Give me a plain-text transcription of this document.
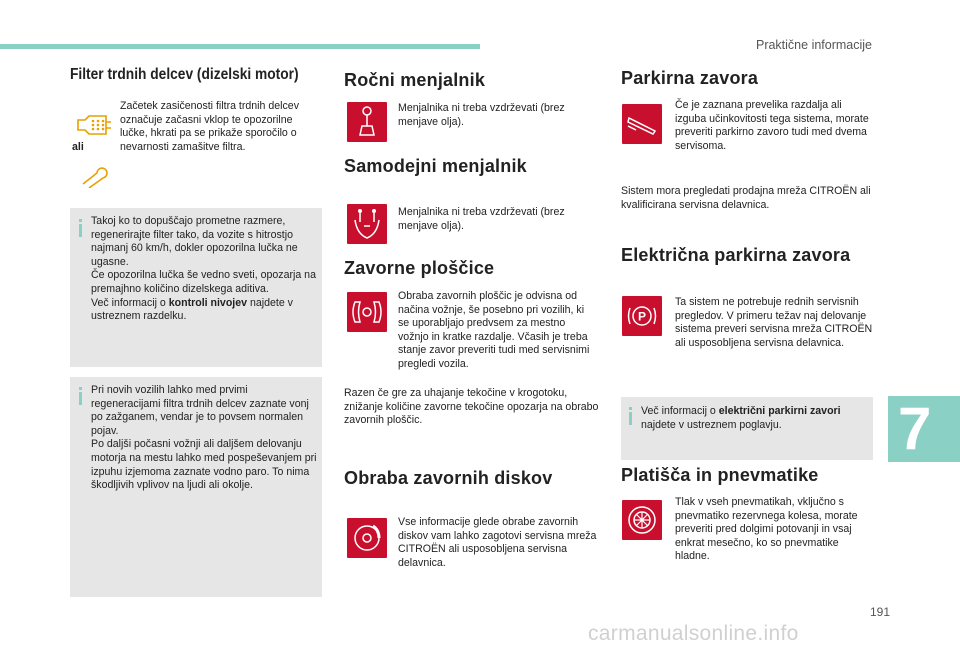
Praktične informacije
Filter trdnih delcev (dizelski motor)
ali
Začetek zasičenosti filtra trdnih delcev označuje začasni vklop te opozorilne lučke, hkrati pa se prikaže sporočilo o nevarnosti zamašitve filtra.
Takoj ko to dopuščajo prometne razmere, regenerirajte filter tako, da vozite s hitrostjo najmanj 60 km/h, dokler opozorilna lučka ne ugasne.
Če opozorilna lučka še vedno sveti, opozarja na premajhno količino dizelskega aditiva.
Več informacij o kontroli nivojev najdete v ustreznem razdelku.
Pri novih vozilih lahko med prvimi regeneracijami filtra trdnih delcev zaznate vonj po zažganem, vendar je to povsem normalen pojav.
Po daljši počasni vožnji ali daljšem delovanju motorja na mestu lahko med pospeševanjem pri izpuhu izjemoma zaznate vodno paro. To nima škodljivih vplivov na ljudi ali okolje.
Ročni menjalnik
Menjalnika ni treba vzdrževati (brez menjave olja).
Samodejni menjalnik
Menjalnika ni treba vzdrževati (brez menjave olja).
Zavorne ploščice
Obraba zavornih ploščic je odvisna od načina vožnje, še posebno pri vozilih, ki se uporabljajo predvsem za mestno vožnjo in kratke razdalje. Včasih je treba stanje zavor preveriti tudi med servisnimi pregledi vozila.
Razen če gre za uhajanje tekočine v krogotoku, znižanje količine zavorne tekočine opozarja na obrabo zavornih ploščic.
Obraba zavornih diskov
Vse informacije glede obrabe zavornih diskov vam lahko zagotovi servisna mreža CITROËN ali usposobljena servisna delavnica.
Parkirna zavora
Če je zaznana prevelika razdalja ali izguba učinkovitosti tega sistema, morate preveriti parkirno zavoro tudi med dvema servisoma.
Sistem mora pregledati prodajna mreža CITROËN ali kvalificirana servisna delavnica.
Električna parkirna zavora
P
Ta sistem ne potrebuje rednih servisnih pregledov. V primeru težav naj delovanje sistema preveri servisna mreža CITROËN ali usposobljena servisna delavnica.
Več informacij o električni parkirni zavori najdete v ustreznem poglavju.
Platišča in pnevmatike
Tlak v vseh pnevmatikah, vključno s pnevmatiko rezervnega kolesa, morate preveriti pred dolgimi potovanji in vsaj enkrat mesečno, ko so pnevmatike hladne.
7
191
carmanualsonline.info
